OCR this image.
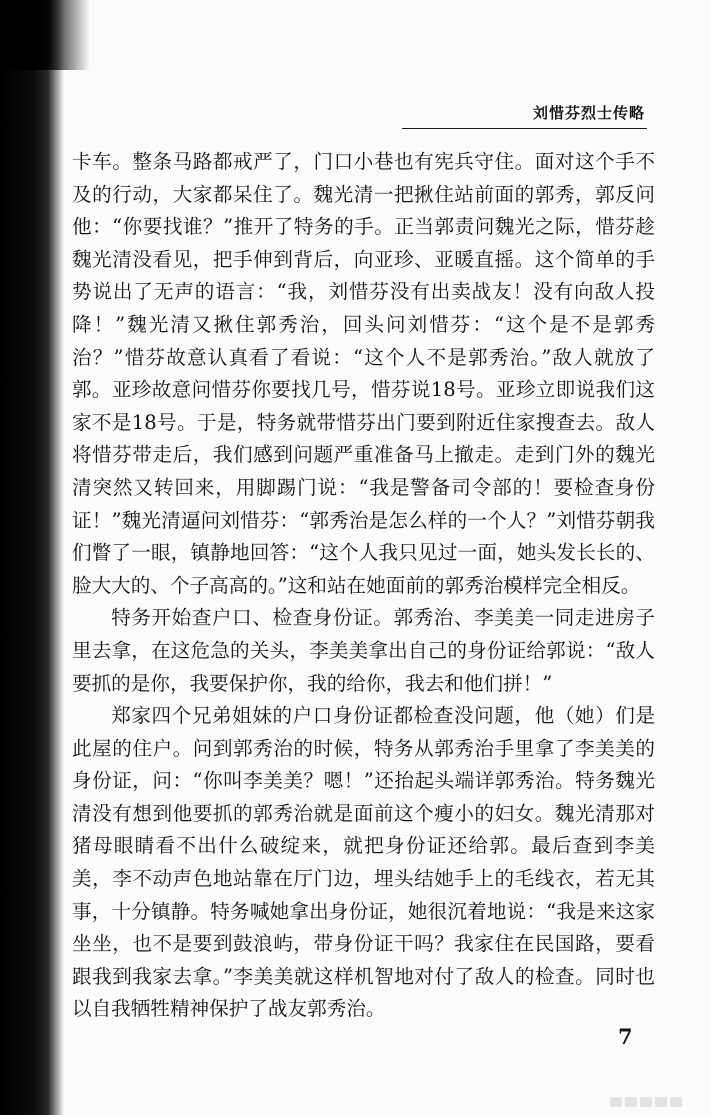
刘惜芬烈士传略

卡车。整条马路都戒严了，门口小巷也有宪兵守住。面对这个手不及的行动，大家都呆住了。魏光清一把揪住站前面的郭秀，郭反问他：“你要找谁？”推开了特务的手。正当郭责问魏光之际，惜芬趁魏光清没看见，把手伸到背后，向亚珍、亚暖直摇。这个简单的手势说出了无声的语言：“我，刘惜芬没有出卖战友！没有向敌人投降！”魏光清又揪住郭秀治，回头问刘惜芬：“这个是不是郭秀治？”惜芬故意认真看了看说：“这个人不是郭秀治。”敌人就放了郭。亚珍故意问惜芬你要找几号，惜芬说18号。亚珍立即说我们这家不是18号。于是，特务就带惜芬出门要到附近住家搜查去。敌人将惜芬带走后，我们感到问题严重准备马上撤走。走到门外的魏光清突然又转回来，用脚踢门说：“我是警备司令部的！要检查身份证！”魏光清逼问刘惜芬：“郭秀治是怎么样的一个人？”刘惜芬朝我们瞥了一眼，镇静地回答：“这个人我只见过一面，她头发长长的、脸大大的、个子高高的。”这和站在她面前的郭秀治模样完全相反。

特务开始查户口、检查身份证。郭秀治、李美美一同走进房子里去拿，在这危急的关头，李美美拿出自己的身份证给郭说：“敌人要抓的是你，我要保护你，我的给你，我去和他们拼！”

郑家四个兄弟姐妹的户口身份证都检查没问题，他（她）们是此屋的住户。问到郭秀治的时候，特务从郭秀治手里拿了李美美的身份证，问：“你叫李美美？嗯！”还抬起头端详郭秀治。特务魏光清没有想到他要抓的郭秀治就是面前这个瘦小的妇女。魏光清那对猪母眼睛看不出什么破绽来，就把身份证还给郭。最后查到李美美，李不动声色地站靠在厅门边，埋头结她手上的毛线衣，若无其事，十分镇静。特务喊她拿出身份证，她很沉着地说：“我是来这家坐坐，也不是要到鼓浪屿，带身份证干吗？我家住在民国路，要看跟我到我家去拿。”李美美就这样机智地对付了敌人的检查。同时也以自我牺牲精神保护了战友郭秀治。

7
